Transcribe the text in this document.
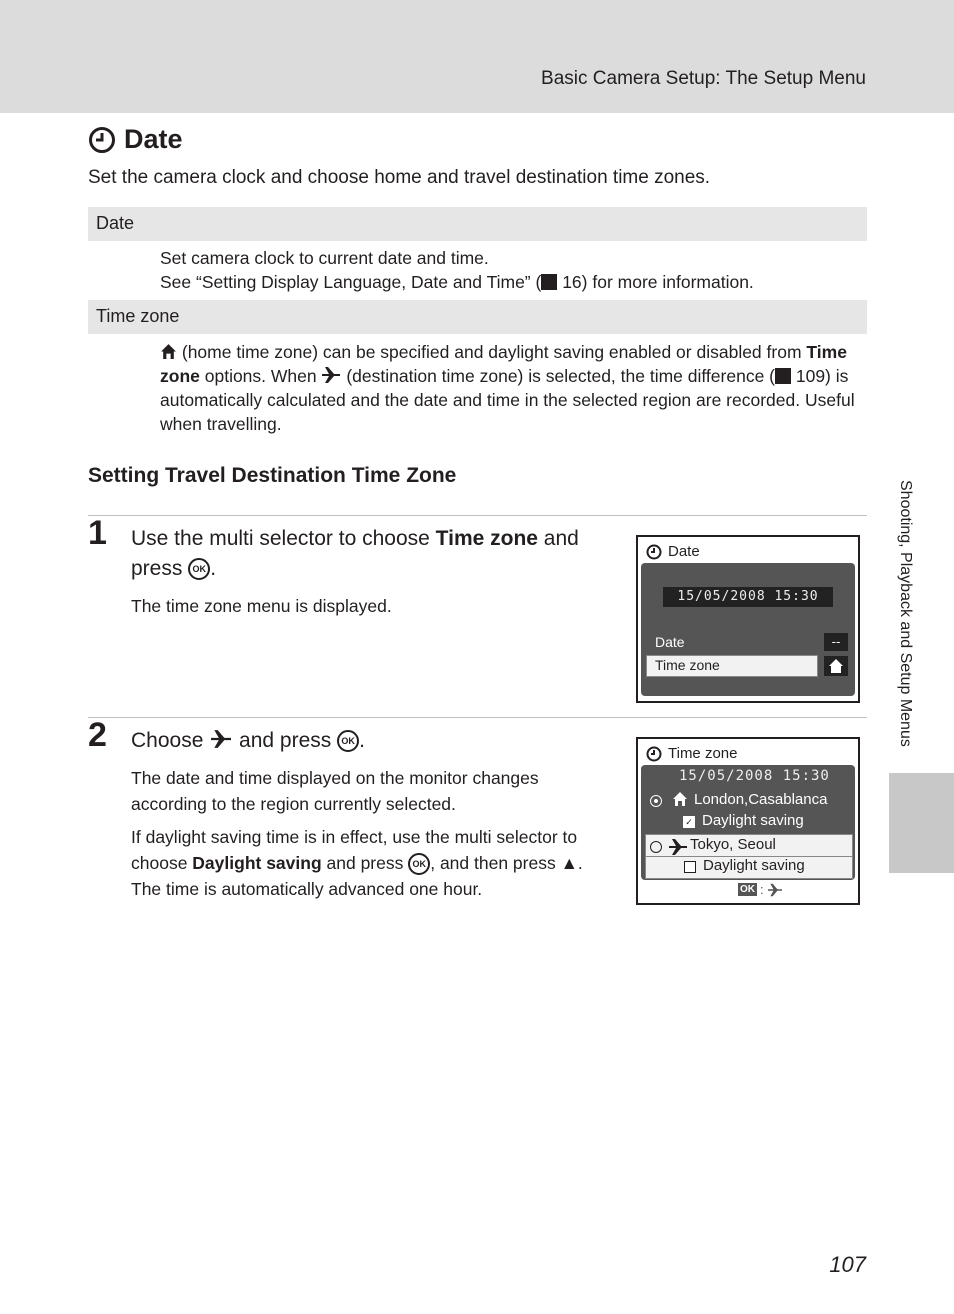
Basic Camera Setup: The Setup Menu
Date
Set the camera clock and choose home and travel destination time zones.
Date
Set camera clock to current date and time.
See “Setting Display Language, Date and Time” ( 16) for more information.
Time zone
(home time zone) can be specified and daylight saving enabled or disabled from Time zone options. When  (destination time zone) is selected, the time difference ( 109) is automatically calculated and the date and time in the selected region are recorded. Useful when travelling.
Setting Travel Destination Time Zone
1 Use the multi selector to choose Time zone and press OK .
The time zone menu is displayed.
Date
15/05/2008 15:30
Date	--
Time zone
2 Choose  and press OK .
The date and time displayed on the monitor changes according to the region currently selected.
If daylight saving time is in effect, use the multi selector to choose Daylight saving and press OK , and then press ▲. The time is automatically advanced one hour.
Time zone
15/05/2008 15:30
London,Casablanca
✓ Daylight saving
Tokyo, Seoul
Daylight saving
OK :
Shooting, Playback and Setup Menus
107
